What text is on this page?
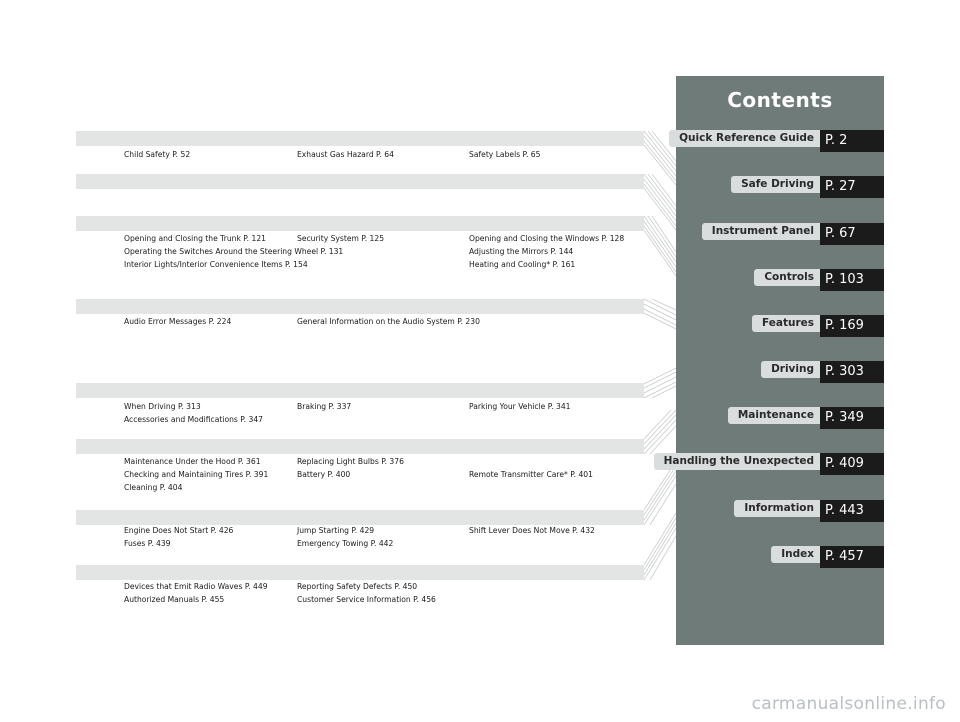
Child Safety P. 52	Exhaust Gas Hazard P. 64	Safety Labels P. 65
Opening and Closing the Trunk P. 121	Security System P. 125	Opening and Closing the Windows P. 128
Operating the Switches Around the Steering Wheel P. 131	Adjusting the Mirrors P. 144
Interior Lights/Interior Convenience Items P. 154	Heating and Cooling* P. 161
Audio Error Messages P. 224	General Information on the Audio System P. 230
When Driving P. 313	Braking P. 337	Parking Your Vehicle P. 341
Accessories and Modifications P. 347
Maintenance Under the Hood P. 361	Replacing Light Bulbs P. 376
Checking and Maintaining Tires P. 391	Battery P. 400	Remote Transmitter Care* P. 401
Cleaning P. 404
Engine Does Not Start P. 426	Jump Starting P. 429	Shift Lever Does Not Move P. 432
Fuses P. 439	Emergency Towing P. 442
Devices that Emit Radio Waves P. 449	Reporting Safety Defects P. 450
Authorized Manuals P. 455	Customer Service Information P. 456
Contents
Quick Reference Guide P. 2
Safe Driving P. 27
Instrument Panel P. 67
Controls P. 103
Features P. 169
Driving P. 303
Maintenance P. 349
Handling the Unexpected P. 409
Information P. 443
Index P. 457
carmanualsonline.info
